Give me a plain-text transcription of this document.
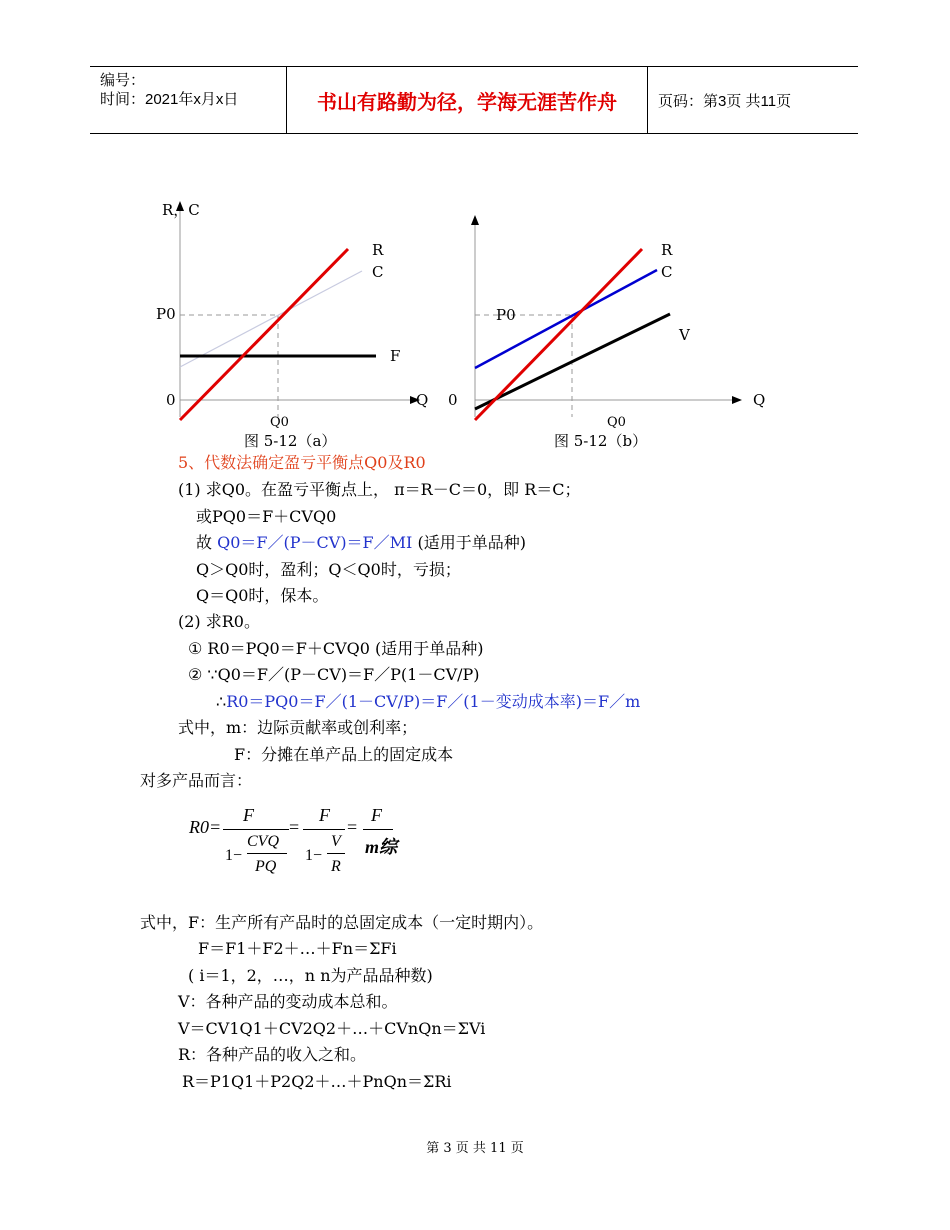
编号：
时间：2021年x月x日	书山有路勤为径，学海无涯苦作舟	页码：第3页 共11页
R，C
Q
0
P0
Q0
R
C
F
图 5-12（a）
Q
0
P0
Q0
R
C
V
图 5-12（b）
5、代数法确定盈亏平衡点Q0及R0
(1) 求Q0。在盈亏平衡点上， π＝R－C＝0，即 R＝C；
或PQ0＝F＋CVQ0
故 Q0＝F／(P－CV)＝F／MI (适用于单品种)
Q＞Q0时，盈利；Q＜Q0时，亏损；
Q＝Q0时，保本。
(2) 求R0。
① R0＝PQ0＝F＋CVQ0 (适用于单品种)
② ∵Q0＝F／(P－CV)＝F／P(1－CV/P)
∴R0＝PQ0＝F／(1－CV/P)＝F／(1－变动成本率)＝F／m
式中，m：边际贡献率或创利率；
F：分摊在单产品上的固定成本
对多产品而言：
R0=
F
1−
CVQ
PQ
=
F
1−
V
R
=
F
m综
式中，F：生产所有产品时的总固定成本（一定时期内）。
F＝F1＋F2＋…＋Fn＝ΣFi
( i＝1，2，…，n n为产品品种数)
V：各种产品的变动成本总和。
V＝CV1Q1＋CV2Q2＋…＋CVnQn＝ΣVi
R：各种产品的收入之和。
R＝P1Q1＋P2Q2＋…＋PnQn＝ΣRi
第 3 页 共 11 页
